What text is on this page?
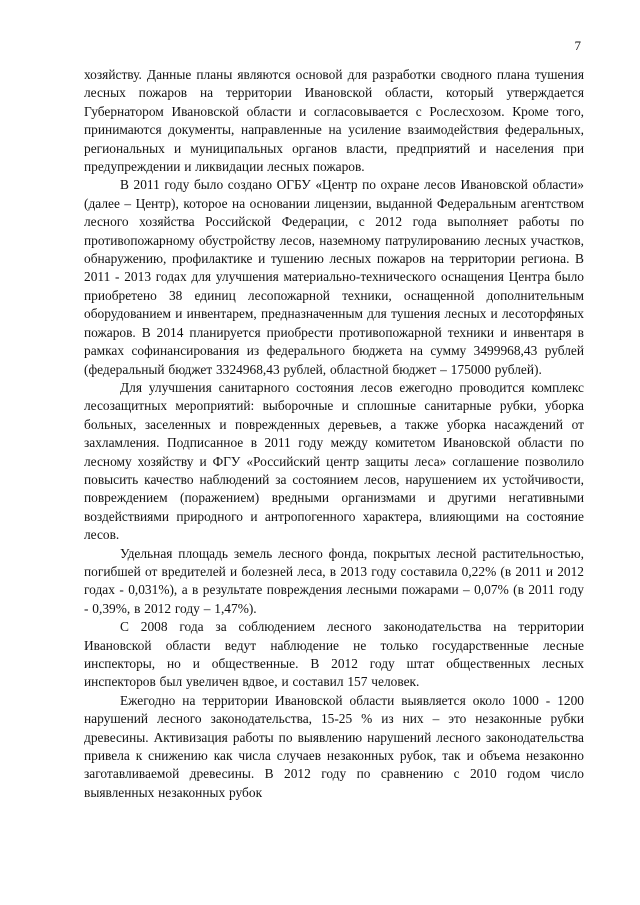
7

хозяйству. Данные планы являются основой для разработки сводного плана тушения лесных пожаров на территории Ивановской области, который утверждается Губернатором Ивановской области и согласовывается с Рослесхозом. Кроме того, принимаются документы, направленные на усиление взаимодействия федеральных, региональных и муниципальных органов власти, предприятий и населения при предупреждении и ликвидации лесных пожаров.

В 2011 году было создано ОГБУ «Центр по охране лесов Ивановской области» (далее – Центр), которое на основании лицензии, выданной Федеральным агентством лесного хозяйства Российской Федерации, с 2012 года выполняет работы по противопожарному обустройству лесов, наземному патрулированию лесных участков, обнаружению, профилактике и тушению лесных пожаров на территории региона. В 2011 - 2013 годах для улучшения материально-технического оснащения Центра было приобретено 38 единиц лесопожарной техники, оснащенной дополнительным оборудованием и инвентарем, предназначенным для тушения лесных и лесоторфяных пожаров. В 2014 планируется приобрести противопожарной техники и инвентаря в рамках софинансирования из федерального бюджета на сумму 3499968,43 рублей (федеральный бюджет 3324968,43 рублей, областной бюджет – 175000 рублей).

Для улучшения санитарного состояния лесов ежегодно проводится комплекс лесозащитных мероприятий: выборочные и сплошные санитарные рубки, уборка больных, заселенных и поврежденных деревьев, а также уборка насаждений от захламления. Подписанное в 2011 году между комитетом Ивановской области по лесному хозяйству и ФГУ «Российский центр защиты леса» соглашение позволило повысить качество наблюдений за состоянием лесов, нарушением их устойчивости, повреждением (поражением) вредными организмами и другими негативными воздействиями природного и антропогенного характера, влияющими на состояние лесов.

Удельная площадь земель лесного фонда, покрытых лесной растительностью, погибшей от вредителей и болезней леса, в 2013 году составила 0,22% (в 2011 и 2012 годах - 0,031%), а в результате повреждения лесными пожарами – 0,07% (в 2011 году - 0,39%, в 2012 году – 1,47%).

С 2008 года за соблюдением лесного законодательства на территории Ивановской области ведут наблюдение не только государственные лесные инспекторы, но и общественные. В 2012 году штат общественных лесных инспекторов был увеличен вдвое, и составил 157 человек.

Ежегодно на территории Ивановской области выявляется около 1000 - 1200 нарушений лесного законодательства, 15-25 % из них – это незаконные рубки древесины. Активизация работы по выявлению нарушений лесного законодательства привела к снижению как числа случаев незаконных рубок, так и объема незаконно заготавливаемой древесины. В 2012 году по сравнению с 2010 годом число выявленных незаконных рубок
